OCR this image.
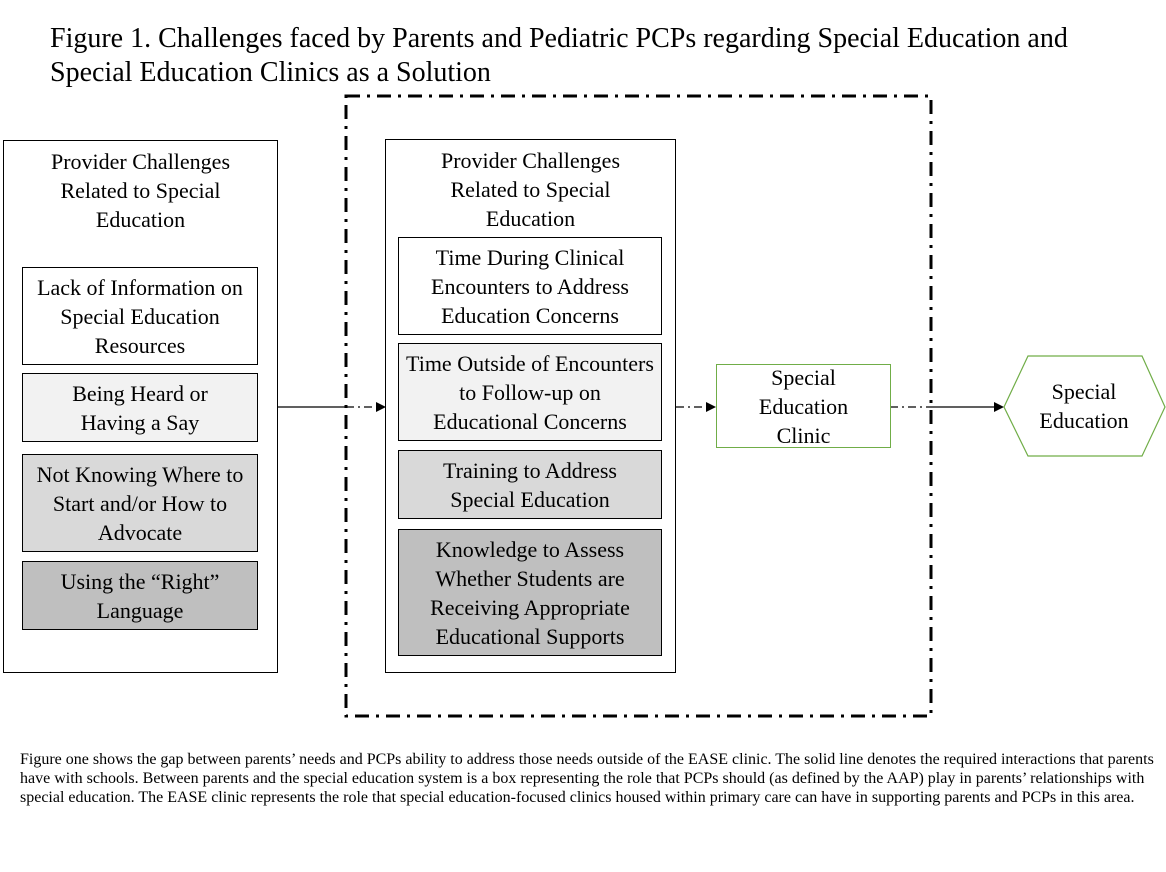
Figure 1. Challenges faced by Parents and Pediatric PCPs regarding Special Education and Special Education Clinics as a Solution
Provider Challenges Related to Special Education
Lack of Information on Special Education Resources
Being Heard or Having a Say
Not Knowing Where to Start and/or How to Advocate
Using the “Right” Language
Provider Challenges Related to Special Education
Time During Clinical Encounters to Address Education Concerns
Time Outside of Encounters to Follow-up on Educational Concerns
Training to Address Special Education
Knowledge to Assess Whether Students are Receiving Appropriate Educational Supports
Special Education Clinic
Special Education
Figure one shows the gap between parents’ needs and PCPs ability to address those needs outside of the EASE clinic. The solid line denotes the required interactions that parents have with schools. Between parents and the special education system is a box representing the role that PCPs should (as defined by the AAP) play in parents’ relationships with special education. The EASE clinic represents the role that special education-focused clinics housed within primary care can have in supporting parents and PCPs in this area.
